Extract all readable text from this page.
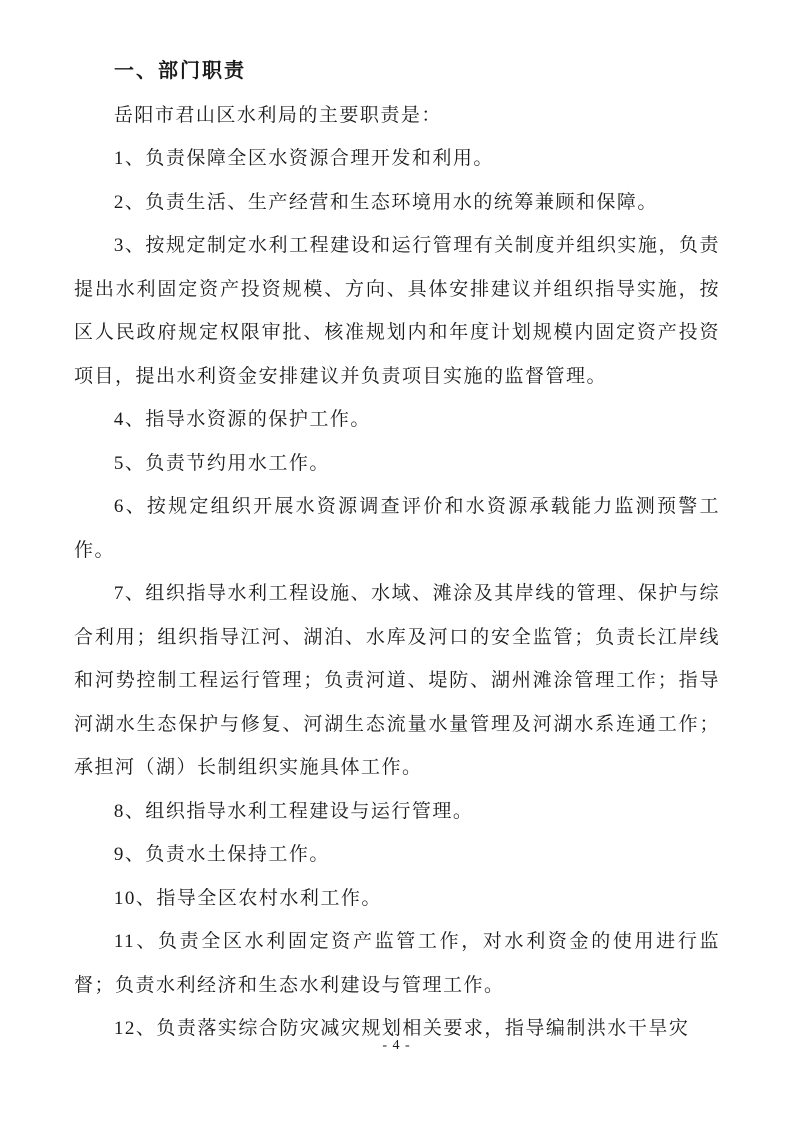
一、部门职责

岳阳市君山区水利局的主要职责是：

1、负责保障全区水资源合理开发和利用。

2、负责生活、生产经营和生态环境用水的统筹兼顾和保障。

3、按规定制定水利工程建设和运行管理有关制度并组织实施，负责提出水利固定资产投资规模、方向、具体安排建议并组织指导实施，按区人民政府规定权限审批、核准规划内和年度计划规模内固定资产投资项目，提出水利资金安排建议并负责项目实施的监督管理。

4、指导水资源的保护工作。

5、负责节约用水工作。

6、按规定组织开展水资源调查评价和水资源承载能力监测预警工作。

7、组织指导水利工程设施、水域、滩涂及其岸线的管理、保护与综合利用；组织指导江河、湖泊、水库及河口的安全监管；负责长江岸线和河势控制工程运行管理；负责河道、堤防、湖州滩涂管理工作；指导河湖水生态保护与修复、河湖生态流量水量管理及河湖水系连通工作；承担河（湖）长制组织实施具体工作。

8、组织指导水利工程建设与运行管理。

9、负责水土保持工作。

10、指导全区农村水利工作。

11、负责全区水利固定资产监管工作，对水利资金的使用进行监督；负责水利经济和生态水利建设与管理工作。

12、负责落实综合防灾减灾规划相关要求，指导编制洪水干旱灾

- 4 -
